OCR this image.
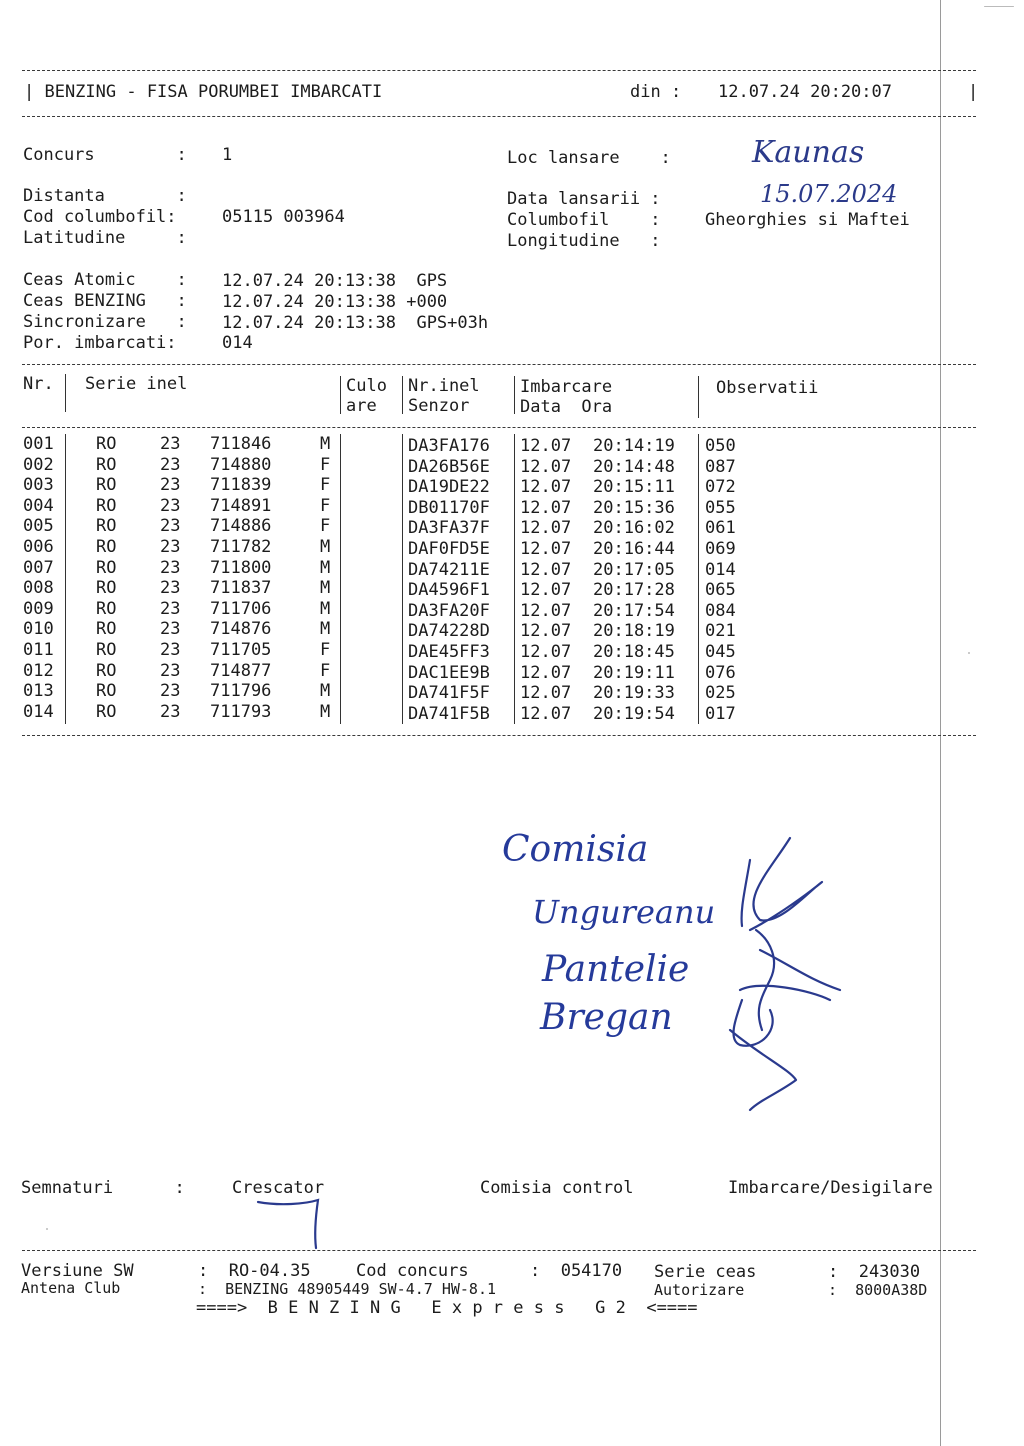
| BENZING - FISA PORUMBEI IMBARCATI	din : 12.07.24 20:20:07	|
Concurs        : 1	Loc lansare    :	Kaunas
Distanta       :	Data lansarii :	15.07.2024
Cod columbofil:	05115 003964	Columbofil    :	Gheorghies si Maftei
Latitudine     :	Longitudine   :
Ceas Atomic    : 12.07.24 20:13:38  GPS
Ceas BENZING   : 12.07.24 20:13:38 +000
Sincronizare   : 12.07.24 20:13:38  GPS+03h
Por. imbarcati:	014
Nr. Serie inel	Culo
are
Nr.inel
Senzor
Imbarcare
Data  Ora
Observatii
001 RO	23 711846	M	DA3FA176 12.07 20:14:19 050
002 RO	23 714880	F	DA26B56E 12.07 20:14:48 087
003 RO	23 711839	F	DA19DE22 12.07 20:15:11 072
004 RO	23 714891	F	DB01170F 12.07 20:15:36 055
005 RO	23 714886	F	DA3FA37F 12.07 20:16:02 061
006 RO	23 711782	M	DAF0FD5E 12.07 20:16:44 069
007 RO	23 711800	M	DA74211E 12.07 20:17:05 014
008 RO	23 711837	M	DA4596F1 12.07 20:17:28 065
009 RO	23 711706	M	DA3FA20F 12.07 20:17:54 084
010 RO	23 714876	M	DA74228D 12.07 20:18:19 021
011 RO	23 711705	F	DAE45FF3 12.07 20:18:45 045
012 RO	23 714877	F	DAC1EE9B 12.07 20:19:11 076
013 RO	23 711796	M	DA741F5F 12.07 20:19:33 025
014 RO	23 711793	M	DA741F5B 12.07 20:19:54 017
Comisia
Ungureanu
Pantelie
Bregan
Semnaturi      :	Crescator	Comisia control	Imbarcare/Desigilare
Versiune SW	:  RO-04.35	Cod concurs	:  054170 Serie ceas	:  243030
Antena Club	:  BENZING 48905449 SW-4.7 HW-8.1	Autorizare	:  8000A38D
====>  B E N Z I N G   E x p r e s s   G 2  <====
